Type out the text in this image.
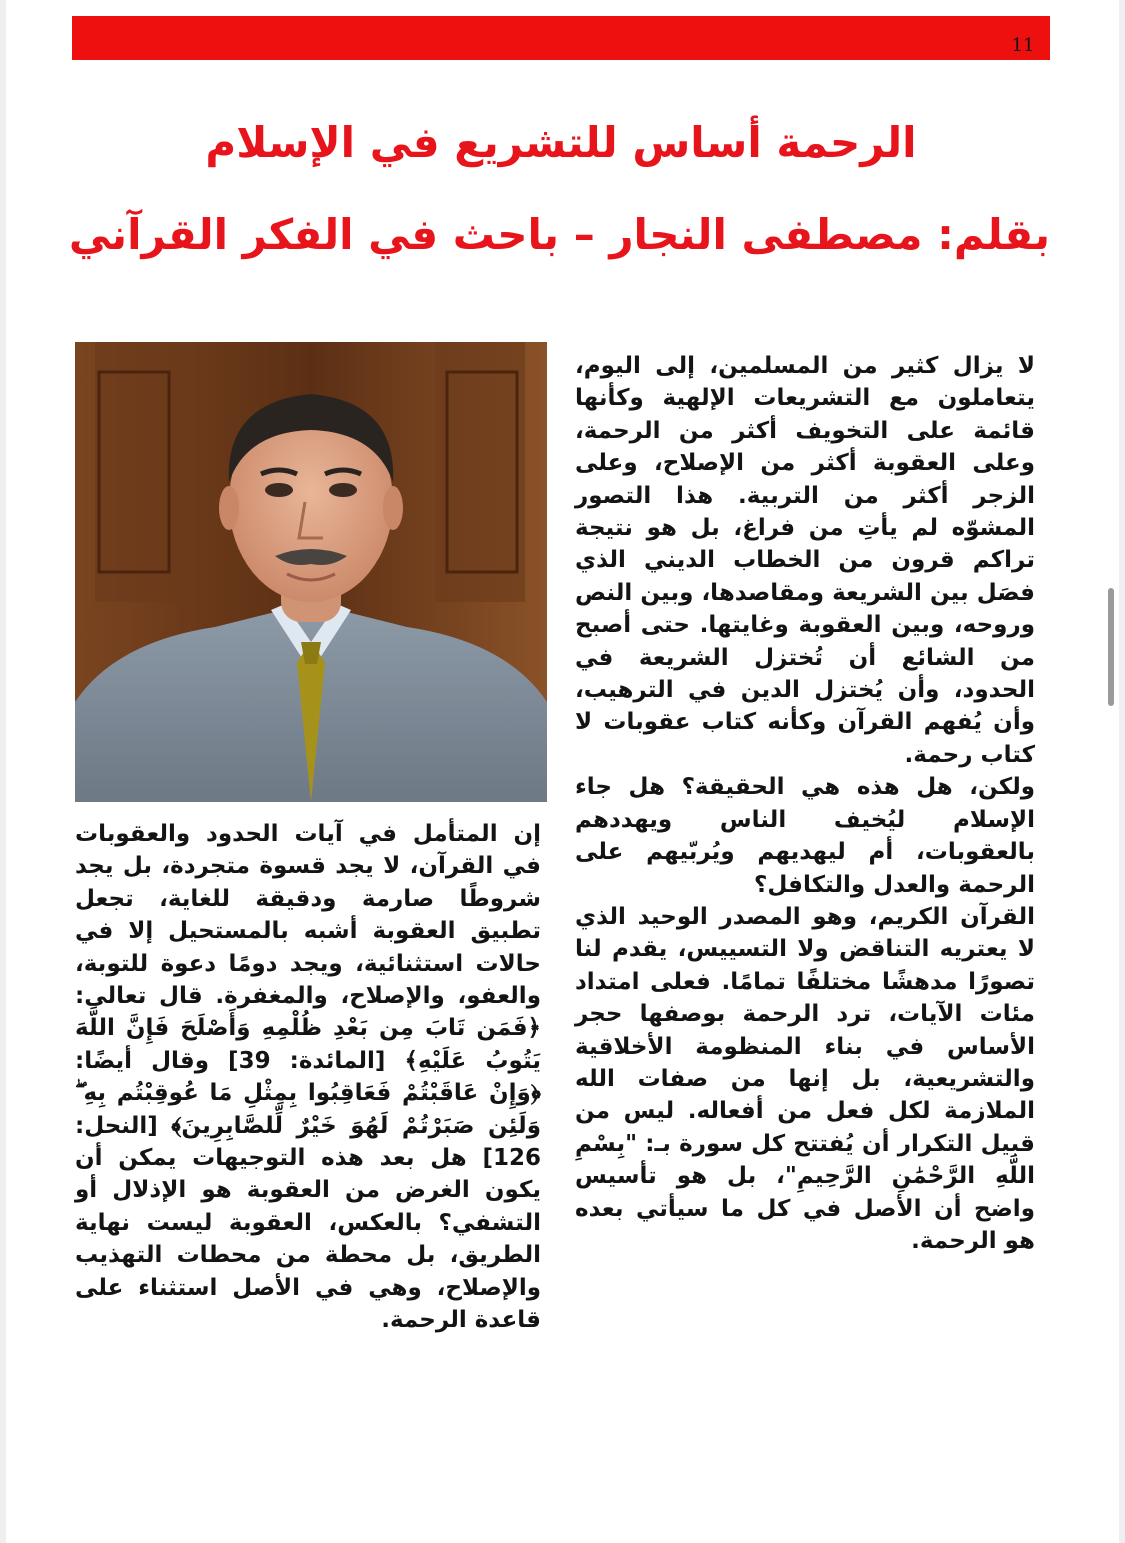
11
الرحمة أساس للتشريع في الإسلام
بقلم: مصطفى النجار – باحث في الفكر القرآني

لا يزال كثير من المسلمين، إلى اليوم، يتعاملون مع التشريعات الإلهية وكأنها قائمة على التخويف أكثر من الرحمة، وعلى العقوبة أكثر من الإصلاح، وعلى الزجر أكثر من التربية. هذا التصور المشوّه لم يأتِ من فراغ، بل هو نتيجة تراكم قرون من الخطاب الديني الذي فصَل بين الشريعة ومقاصدها، وبين النص وروحه، وبين العقوبة وغايتها. حتى أصبح من الشائع أن تُختزل الشريعة في الحدود، وأن يُختزل الدين في الترهيب، وأن يُفهم القرآن وكأنه كتاب عقوبات لا كتاب رحمة.

ولكن، هل هذه هي الحقيقة؟ هل جاء الإسلام ليُخيف الناس ويهددهم بالعقوبات، أم ليهديهم ويُربّيهم على الرحمة والعدل والتكافل؟

القرآن الكريم، وهو المصدر الوحيد الذي لا يعتريه التناقض ولا التسييس، يقدم لنا تصورًا مدهشًا مختلفًا تمامًا. فعلى امتداد مئات الآيات، ترد الرحمة بوصفها حجر الأساس في بناء المنظومة الأخلاقية والتشريعية، بل إنها من صفات الله الملازمة لكل فعل من أفعاله. ليس من قبيل التكرار أن يُفتتح كل سورة بـ: "بِسْمِ اللَّهِ الرَّحْمَٰنِ الرَّحِيمِ"، بل هو تأسيس واضح أن الأصل في كل ما سيأتي بعده هو الرحمة.

إن المتأمل في آيات الحدود والعقوبات في القرآن، لا يجد قسوة متجردة، بل يجد شروطًا صارمة ودقيقة للغاية، تجعل تطبيق العقوبة أشبه بالمستحيل إلا في حالات استثنائية، ويجد دومًا دعوة للتوبة، والعفو، والإصلاح، والمغفرة. قال تعالى: ﴿فَمَن تَابَ مِن بَعْدِ ظُلْمِهِ وَأَصْلَحَ فَإِنَّ اللَّهَ يَتُوبُ عَلَيْهِ﴾ [المائدة: 39] وقال أيضًا: ﴿وَإِنْ عَاقَبْتُمْ فَعَاقِبُوا بِمِثْلِ مَا عُوقِبْتُم بِهِ ۖ وَلَئِن صَبَرْتُمْ لَهُوَ خَيْرٌ لِّلصَّابِرِينَ﴾ [النحل: 126] هل بعد هذه التوجيهات يمكن أن يكون الغرض من العقوبة هو الإذلال أو التشفي؟ بالعكس، العقوبة ليست نهاية الطريق، بل محطة من محطات التهذيب والإصلاح، وهي في الأصل استثناء على قاعدة الرحمة.
